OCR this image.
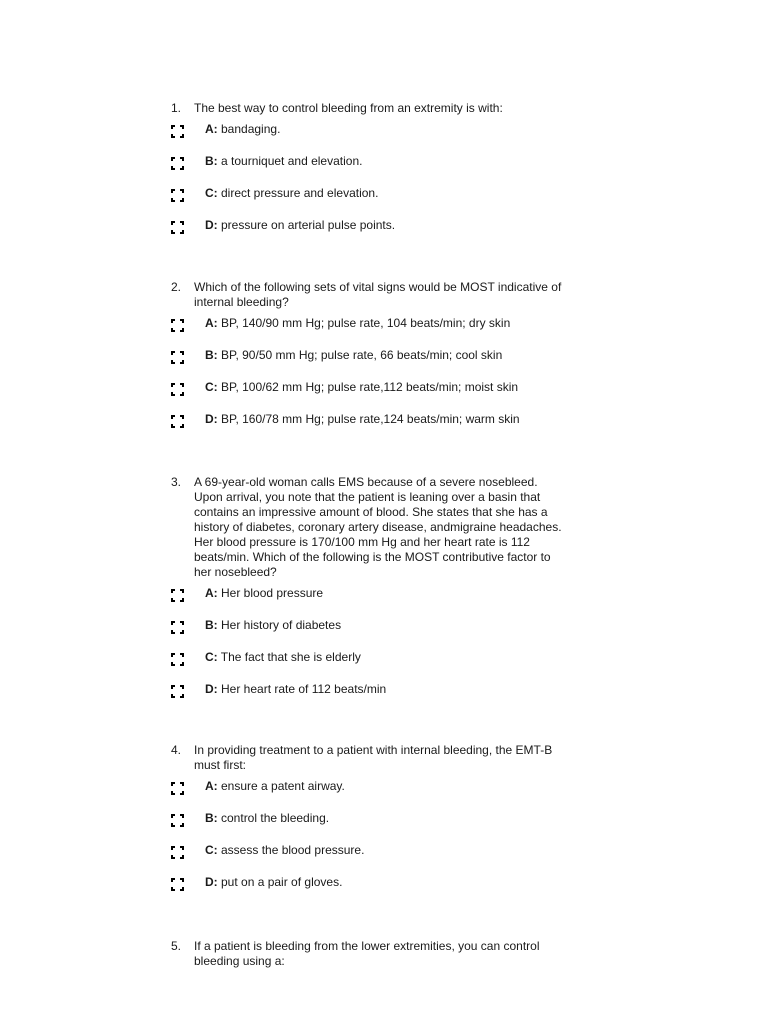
1.	The best way to control bleeding from an extremity is with:
A: bandaging.
B: a tourniquet and elevation.
C: direct pressure and elevation.
D: pressure on arterial pulse points.
2.	Which of the following sets of vital signs would be MOST indicative of
internal bleeding?
A: BP, 140/90 mm Hg; pulse rate, 104 beats/min; dry skin
B: BP, 90/50 mm Hg; pulse rate, 66 beats/min; cool skin
C: BP, 100/62 mm Hg; pulse rate,112 beats/min; moist skin
D: BP, 160/78 mm Hg; pulse rate,124 beats/min; warm skin
3.	A 69-year-old woman calls EMS because of a severe nosebleed.
Upon arrival, you note that the patient is leaning over a basin that
contains an impressive amount of blood. She states that she has a
history of diabetes, coronary artery disease, andmigraine headaches.
Her blood pressure is 170/100 mm Hg and her heart rate is 112
beats/min. Which of the following is the MOST contributive factor to
her nosebleed?
A: Her blood pressure
B: Her history of diabetes
C: The fact that she is elderly
D: Her heart rate of 112 beats/min
4.	In providing treatment to a patient with internal bleeding, the EMT-B
must first:
A: ensure a patent airway.
B: control the bleeding.
C: assess the blood pressure.
D: put on a pair of gloves.
5.	If a patient is bleeding from the lower extremities, you can control
bleeding using a:
